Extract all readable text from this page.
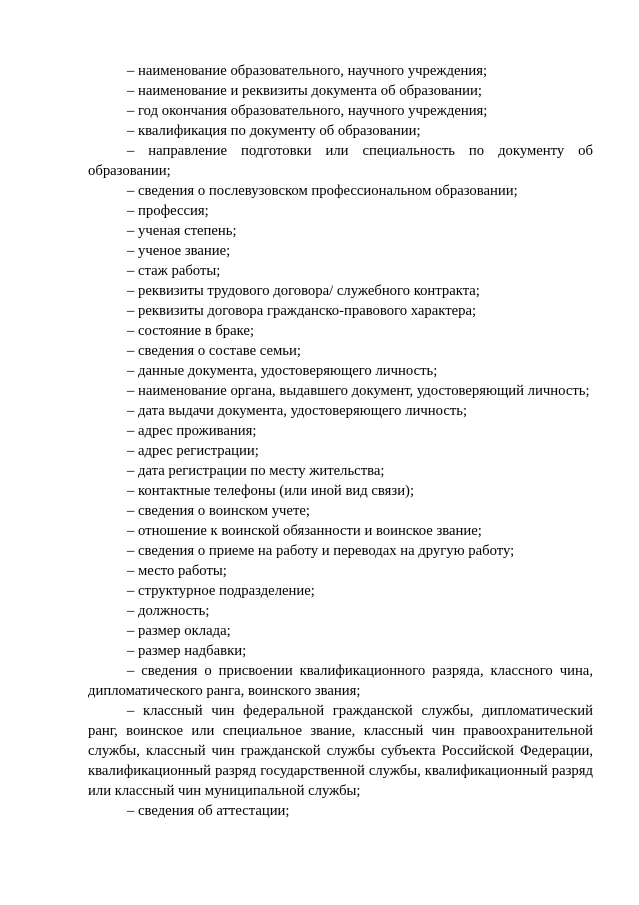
– наименование образовательного, научного учреждения;

– наименование и реквизиты документа об образовании;

– год окончания образовательного, научного учреждения;

– квалификация по документу об образовании;

– направление подготовки или специальность по документу об образовании;

– сведения о послевузовском профессиональном образовании;

– профессия;

– ученая степень;

– ученое звание;

– стаж работы;

– реквизиты трудового договора/ служебного контракта;

– реквизиты договора гражданско-правового характера;

– состояние в браке;

– сведения о составе семьи;

– данные документа, удостоверяющего личность;

– наименование органа, выдавшего документ, удостоверяющий личность;

– дата выдачи документа, удостоверяющего личность;

– адрес проживания;

– адрес регистрации;

– дата регистрации по месту жительства;

– контактные телефоны (или иной вид связи);

– сведения о воинском учете;

– отношение к воинской обязанности и воинское звание;

– сведения о приеме на работу и переводах на другую работу;

– место работы;

– структурное подразделение;

– должность;

– размер оклада;

– размер надбавки;

– сведения о присвоении квалификационного разряда, классного чина, дипломатического ранга, воинского звания;

– классный чин федеральной гражданской службы, дипломатический ранг, воинское или специальное звание, классный чин правоохранительной службы, классный чин гражданской службы субъекта Российской Федерации, квалификационный разряд государственной службы, квалификационный разряд или классный чин муниципальной службы;

– сведения об аттестации;
